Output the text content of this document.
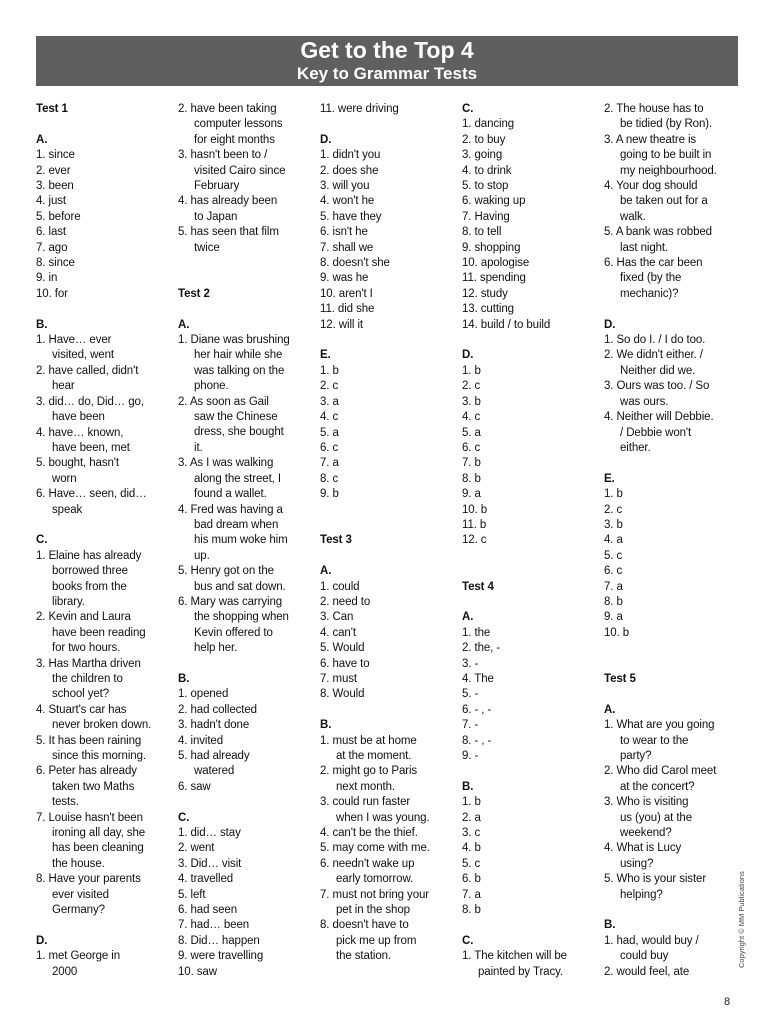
Get to the Top 4
Key to Grammar Tests
Test 1
A.
1. since
2. ever
3. been
4. just
5. before
6. last
7. ago
8. since
9. in
10. for
B.
1. Have… ever
visited, went
2. have called, didn't
hear
3. did… do, Did… go,
have been
4. have… known,
have been, met
5. bought, hasn't
worn
6. Have… seen, did…
speak
C.
1. Elaine has already
borrowed three
books from the
library.
2. Kevin and Laura
have been reading
for two hours.
3. Has Martha driven
the children to
school yet?
4. Stuart's car has
never broken down.
5. It has been raining
since this morning.
6. Peter has already
taken two Maths
tests.
7. Louise hasn't been
ironing all day, she
has been cleaning
the house.
8. Have your parents
ever visited
Germany?
D.
1. met George in
2000
2. have been taking
computer lessons
for eight months
3. hasn't been to /
visited Cairo since
February
4. has already been
to Japan
5. has seen that film
twice
Test 2
A.
1. Diane was brushing
her hair while she
was talking on the
phone.
2. As soon as Gail
saw the Chinese
dress, she bought
it.
3. As I was walking
along the street, I
found a wallet.
4. Fred was having a
bad dream when
his mum woke him
up.
5. Henry got on the
bus and sat down.
6. Mary was carrying
the shopping when
Kevin offered to
help her.
B.
1. opened
2. had collected
3. hadn't done
4. invited
5. had already
watered
6. saw
C.
1. did… stay
2. went
3. Did… visit
4. travelled
5. left
6. had seen
7. had… been
8. Did… happen
9. were travelling
10. saw
11. were driving
D.
1. didn't you
2. does she
3. will you
4. won't he
5. have they
6. isn't he
7. shall we
8. doesn't she
9. was he
10. aren't I
11. did she
12. will it
E.
1. b
2. c
3. a
4. c
5. a
6. c
7. a
8. c
9. b
Test 3
A.
1. could
2. need to
3. Can
4. can't
5. Would
6. have to
7. must
8. Would
B.
1. must be at home
at the moment.
2. might go to Paris
next month.
3. could run faster
when I was young.
4. can't be the thief.
5. may come with me.
6. needn't wake up
early tomorrow.
7. must not bring your
pet in the shop
8. doesn't have to
pick me up from
the station.
C.
1. dancing
2. to buy
3. going
4. to drink
5. to stop
6. waking up
7. Having
8. to tell
9. shopping
10. apologise
11. spending
12. study
13. cutting
14. build / to build
D.
1. b
2. c
3. b
4. c
5. a
6. c
7. b
8. b
9. a
10. b
11. b
12. c
Test 4
A.
1. the
2. the, -
3. -
4. The
5. -
6. - , -
7. -
8. - , -
9. -
B.
1. b
2. a
3. c
4. b
5. c
6. b
7. a
8. b
C.
1. The kitchen will be
painted by Tracy.
2. The house has to
be tidied (by Ron).
3. A new theatre is
going to be built in
my neighbourhood.
4. Your dog should
be taken out for a
walk.
5. A bank was robbed
last night.
6. Has the car been
fixed (by the
mechanic)?
D.
1. So do I. / I do too.
2. We didn't either. /
Neither did we.
3. Ours was too. / So
was ours.
4. Neither will Debbie.
/ Debbie won't
either.
E.
1. b
2. c
3. b
4. a
5. c
6. c
7. a
8. b
9. a
10. b
Test 5
A.
1. What are you going
to wear to the
party?
2. Who did Carol meet
at the concert?
3. Who is visiting
us (you) at the
weekend?
4. What is Lucy
using?
5. Who is your sister
helping?
B.
1. had, would buy /
could buy
2. would feel, ate
Copyright © MM Publications
8
